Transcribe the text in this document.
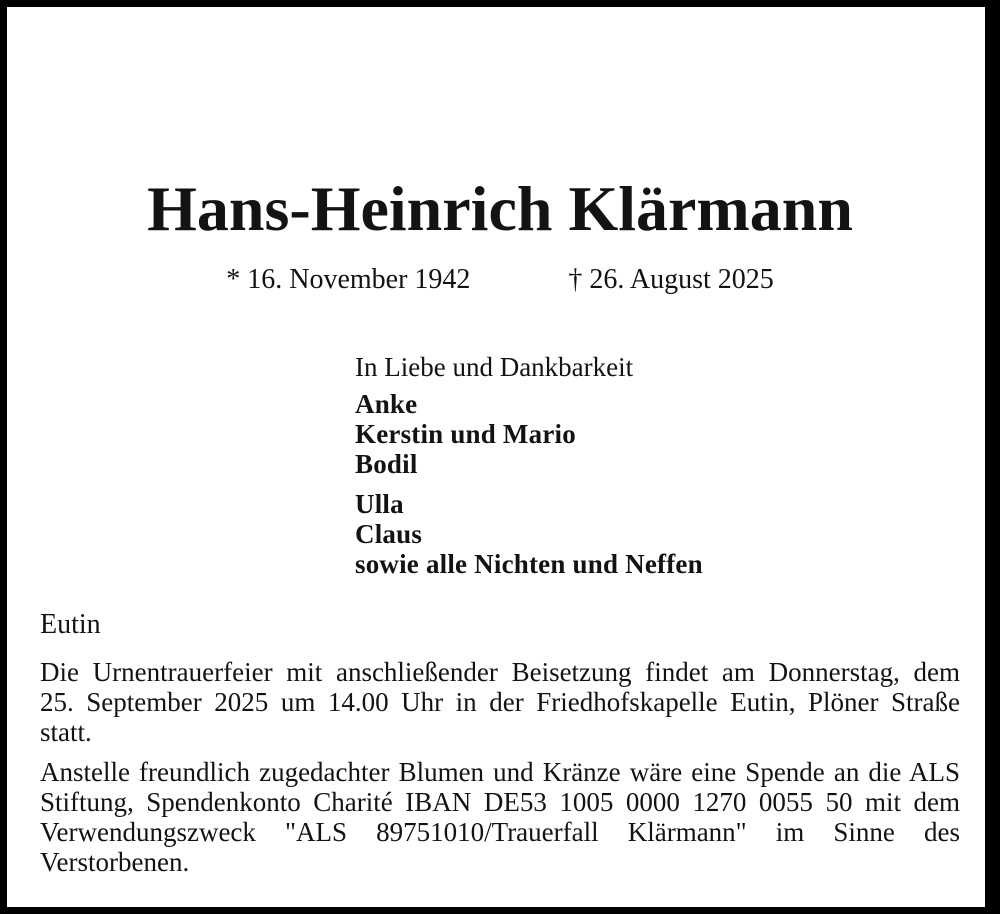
Hans-Heinrich Klärmann
* 16. November 1942	† 26. August 2025
In Liebe und Dankbarkeit
Anke
Kerstin und Mario
Bodil
Ulla
Claus
sowie alle Nichten und Neffen
Eutin
Die Urnentrauerfeier mit anschließender Beisetzung findet am Donnerstag, dem
25. September 2025 um 14.00 Uhr in der Friedhofskapelle Eutin, Plöner Straße
statt.
Anstelle freundlich zugedachter Blumen und Kränze wäre eine Spende an die ALS
Stiftung, Spendenkonto Charité IBAN DE53 1005 0000 1270 0055 50 mit dem
Verwendungszweck "ALS 89751010/Trauerfall Klärmann" im Sinne des
Verstorbenen.
